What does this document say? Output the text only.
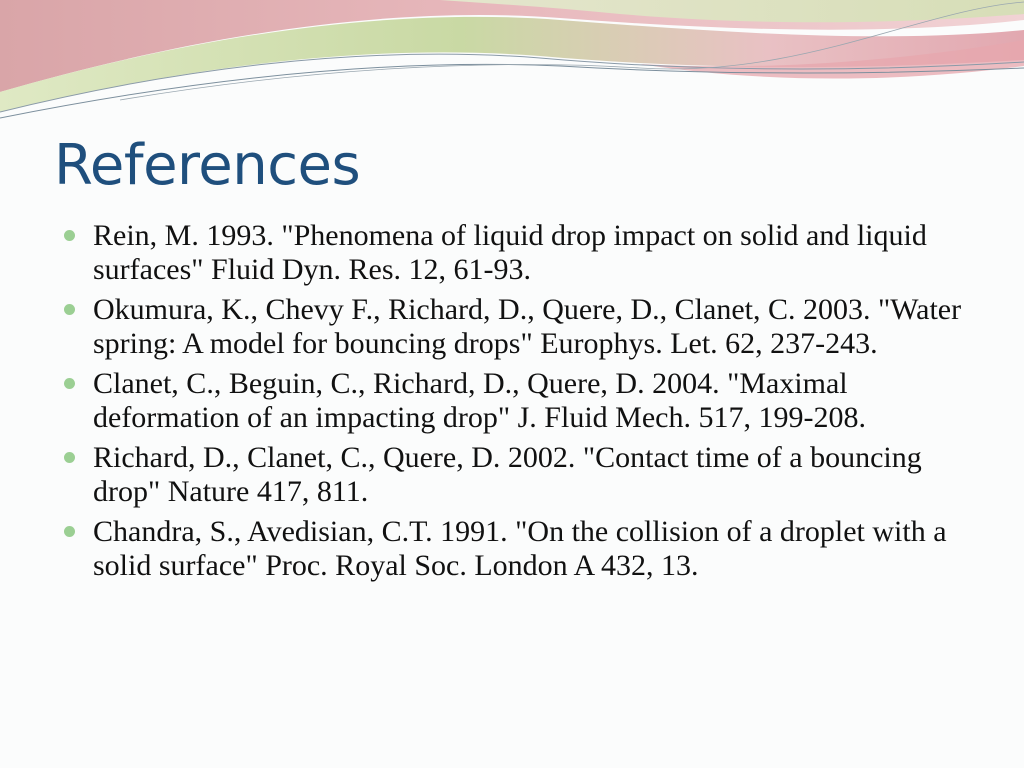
References
Rein, M. 1993. "Phenomena of liquid drop impact on solid and liquid surfaces" Fluid Dyn. Res. 12, 61-93.
Okumura, K., Chevy F., Richard, D., Quere, D., Clanet, C. 2003. "Water spring: A model for bouncing drops" Europhys. Let. 62, 237-243.
Clanet, C., Beguin, C., Richard, D., Quere, D. 2004. "Maximal deformation of an impacting drop" J. Fluid Mech. 517, 199-208.
Richard, D., Clanet, C., Quere, D. 2002. "Contact time of a bouncing drop" Nature 417, 811.
Chandra, S., Avedisian, C.T. 1991. "On the collision of a droplet with a solid surface" Proc. Royal Soc. London A 432, 13.
